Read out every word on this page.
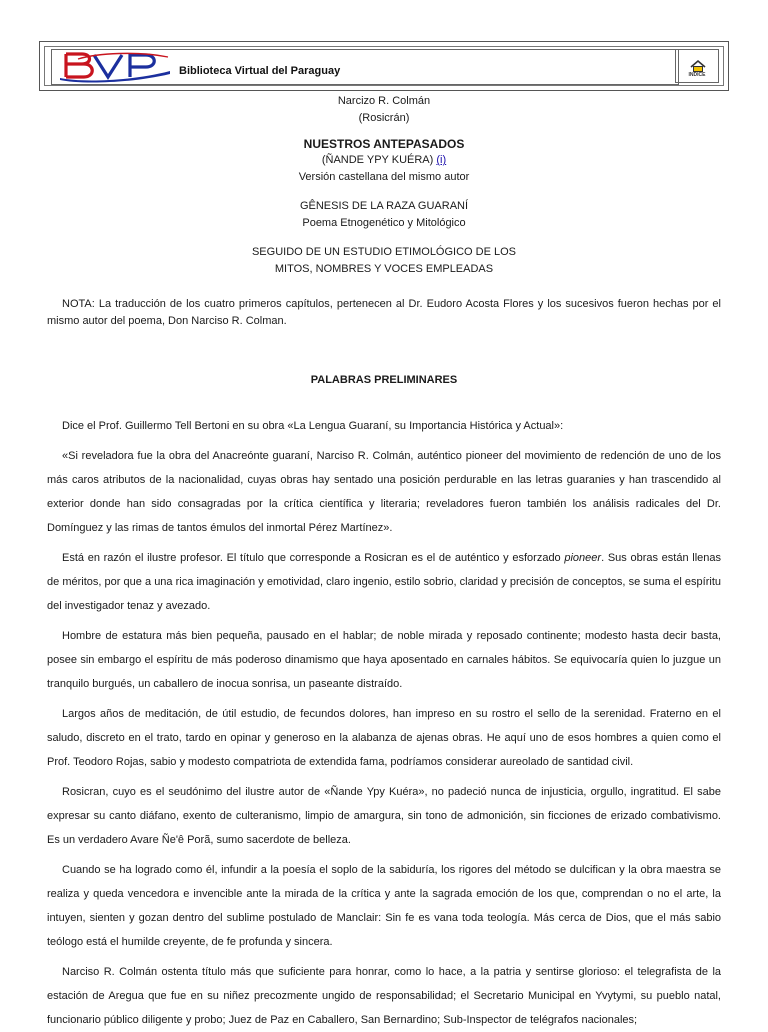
Biblioteca Virtual del Paraguay	INDICE
Narcizo R. Colmán
(Rosicrán)
NUESTROS ANTEPASADOS
(ÑANDE YPY KUÉRA) (i)
Versión castellana del mismo autor
GÊNESIS DE LA RAZA GUARANÍ
Poema Etnogenético y Mitológico
SEGUIDO DE UN ESTUDIO ETIMOLÓGICO DE LOS
MITOS, NOMBRES Y VOCES EMPLEADAS
NOTA: La traducción de los cuatro primeros capítulos, pertenecen al Dr. Eudoro Acosta Flores y los sucesivos fueron hechas por el mismo autor del poema, Don Narciso R. Colman.
PALABRAS PRELIMINARES

Dice el Prof. Guillermo Tell Bertoni en su obra «La Lengua Guaraní, su Importancia Histórica y Actual»:

«Si reveladora fue la obra del Anacreónte guaraní, Narciso R. Colmán, auténtico pioneer del movimiento de redención de uno de los más caros atributos de la nacionalidad, cuyas obras hay sentado una posición perdurable en las letras guaranies y han trascendido al exterior donde han sido consagradas por la crítica científica y literaria; reveladores fueron también los análisis radicales del Dr. Domínguez y las rimas de tantos émulos del inmortal Pérez Martínez».

Está en razón el ilustre profesor. El título que corresponde a Rosicran es el de auténtico y esforzado pioneer. Sus obras están llenas de méritos, por que a una rica imaginación y emotividad, claro ingenio, estilo sobrio, claridad y precisión de conceptos, se suma el espíritu del investigador tenaz y avezado.

Hombre de estatura más bien pequeña, pausado en el hablar; de noble mirada y reposado continente; modesto hasta decir basta, posee sin embargo el espíritu de más poderoso dinamismo que haya aposentado en carnales hábitos. Se equivocaría quien lo juzgue un tranquilo burgués, un caballero de inocua sonrisa, un paseante distraído.

Largos años de meditación, de útil estudio, de fecundos dolores, han impreso en su rostro el sello de la serenidad. Fraterno en el saludo, discreto en el trato, tardo en opinar y generoso en la alabanza de ajenas obras. He aquí uno de esos hombres a quien como el Prof. Teodoro Rojas, sabio y modesto compatriota de extendida fama, podríamos considerar aureolado de santidad civil.

Rosicran, cuyo es el seudónimo del ilustre autor de «Ñande Ypy Kuéra», no padeció nunca de injusticia, orgullo, ingratitud. El sabe expresar su canto diáfano, exento de culteranismo, limpio de amargura, sin tono de admonición, sin ficciones de erizado combativismo. Es un verdadero Avare Ñe'ê Porã, sumo sacerdote de belleza.

Cuando se ha logrado como él, infundir a la poesía el soplo de la sabiduría, los rigores del método se dulcifican y la obra maestra se realiza y queda vencedora e invencible ante la mirada de la crítica y ante la sagrada emoción de los que, comprendan o no el arte, la intuyen, sienten y gozan dentro del sublime postulado de Manclair: Sin fe es vana toda teología. Más cerca de Dios, que el más sabio teólogo está el humilde creyente, de fe profunda y sincera.

Narciso R. Colmán ostenta título más que suficiente para honrar, como lo hace, a la patria y sentirse glorioso: el telegrafista de la estación de Aregua que fue en su niñez precozmente ungido de responsabilidad; el Secretario Municipal en Yvytymi, su pueblo natal, funcionario público diligente y probo; Juez de Paz en Caballero, San Bernardino; Sub-Inspector de telégrafos nacionales;
